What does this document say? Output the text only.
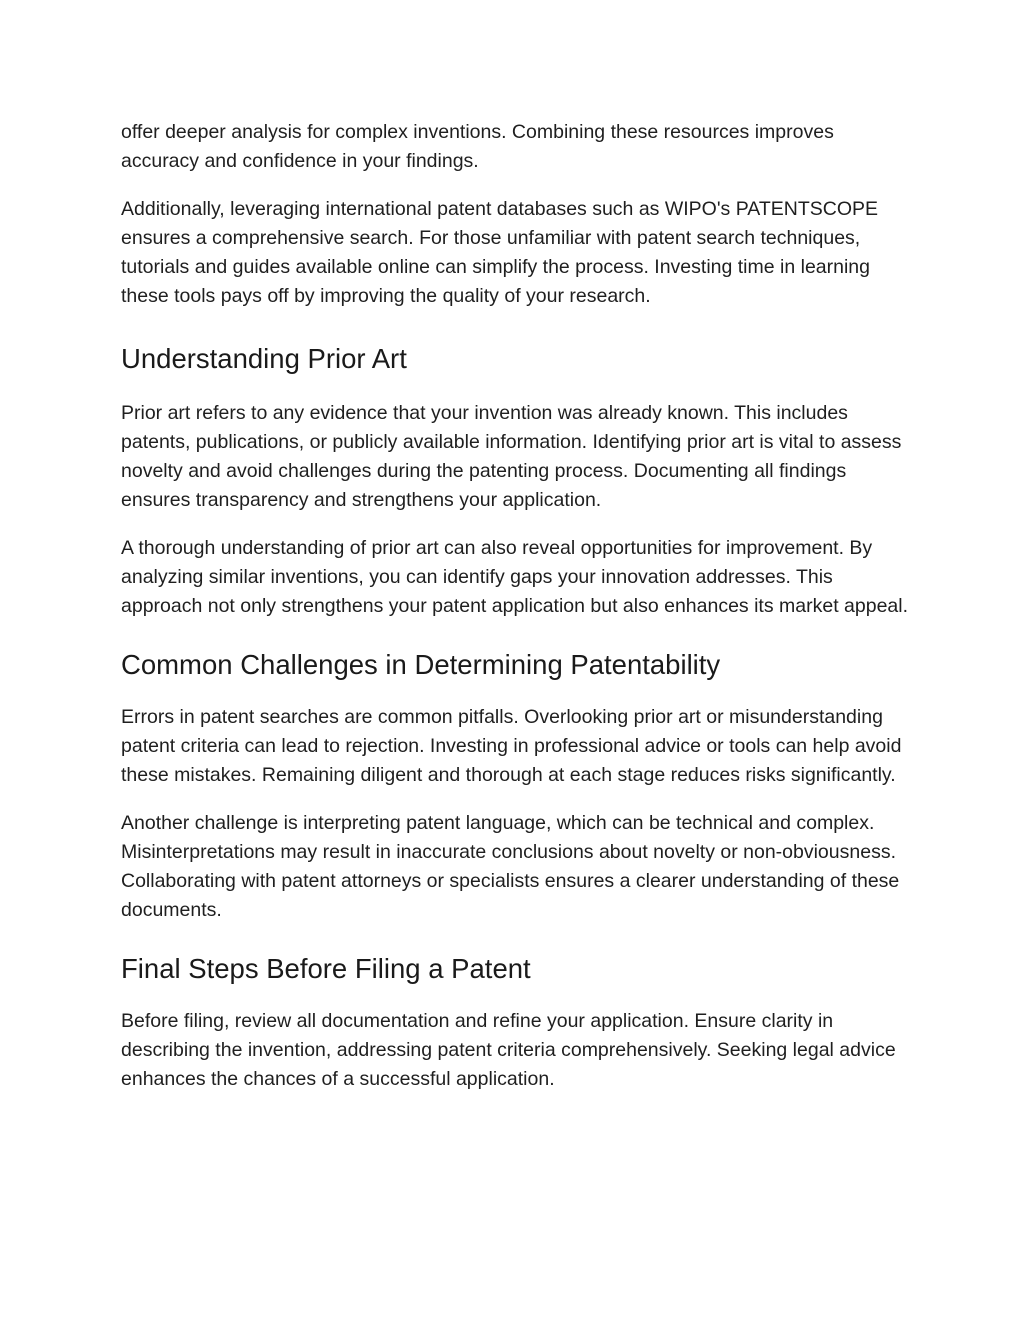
offer deeper analysis for complex inventions. Combining these resources improves accuracy and confidence in your findings.

Additionally, leveraging international patent databases such as WIPO's PATENTSCOPE ensures a comprehensive search. For those unfamiliar with patent search techniques, tutorials and guides available online can simplify the process. Investing time in learning these tools pays off by improving the quality of your research.

Understanding Prior Art

Prior art refers to any evidence that your invention was already known. This includes patents, publications, or publicly available information. Identifying prior art is vital to assess novelty and avoid challenges during the patenting process. Documenting all findings ensures transparency and strengthens your application.

A thorough understanding of prior art can also reveal opportunities for improvement. By analyzing similar inventions, you can identify gaps your innovation addresses. This approach not only strengthens your patent application but also enhances its market appeal.

Common Challenges in Determining Patentability

Errors in patent searches are common pitfalls. Overlooking prior art or misunderstanding patent criteria can lead to rejection. Investing in professional advice or tools can help avoid these mistakes. Remaining diligent and thorough at each stage reduces risks significantly.

Another challenge is interpreting patent language, which can be technical and complex. Misinterpretations may result in inaccurate conclusions about novelty or non-obviousness. Collaborating with patent attorneys or specialists ensures a clearer understanding of these documents.

Final Steps Before Filing a Patent

Before filing, review all documentation and refine your application. Ensure clarity in describing the invention, addressing patent criteria comprehensively. Seeking legal advice enhances the chances of a successful application.
